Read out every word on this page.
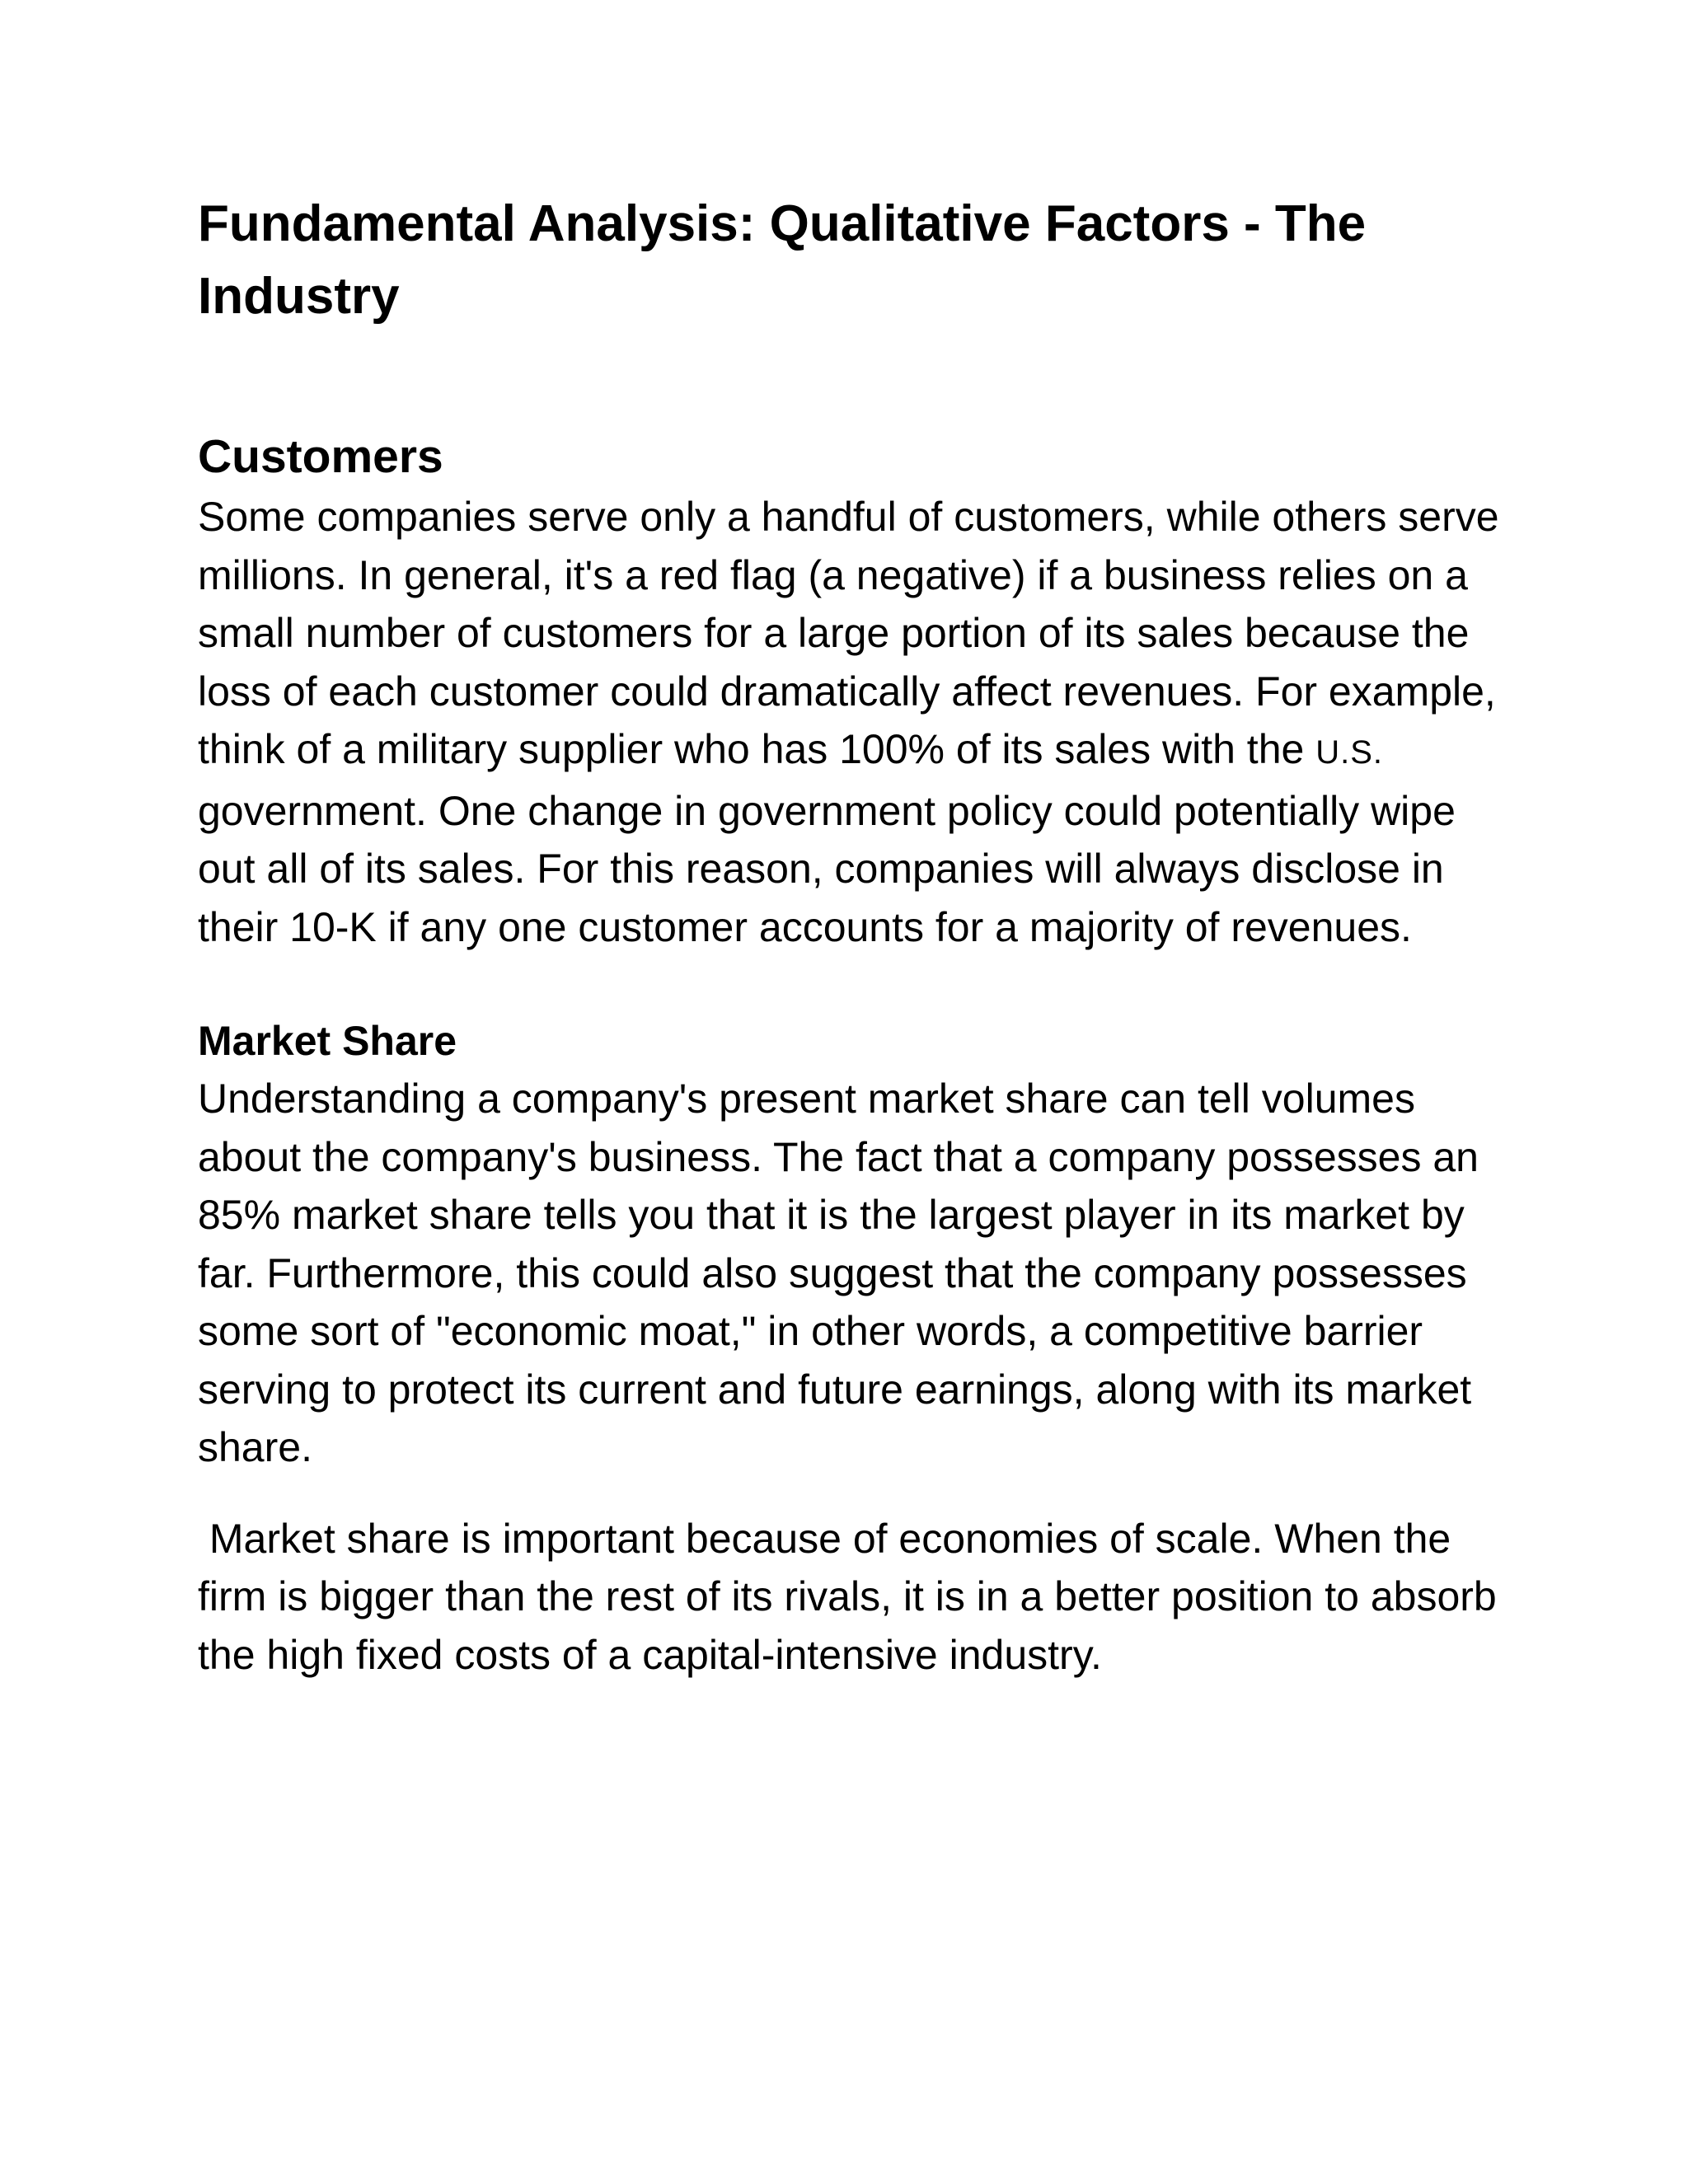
Fundamental Analysis: Qualitative Factors - The Industry
Customers

Some companies serve only a handful of customers, while others serve millions. In general, it's a red flag (a negative) if a business relies on a small number of customers for a large portion of its sales because the loss of each customer could dramatically affect revenues. For example, think of a military supplier who has 100% of its sales with the U.S. government. One change in government policy could potentially wipe out all of its sales. For this reason, companies will always disclose in their 10-K if any one customer accounts for a majority of revenues.

Market Share

Understanding a company's present market share can tell volumes about the company's business. The fact that a company possesses an 85% market share tells you that it is the largest player in its market by far. Furthermore, this could also suggest that the company possesses some sort of "economic moat," in other words, a competitive barrier serving to protect its current and future earnings, along with its market share.

Market share is important because of economies of scale. When the firm is bigger than the rest of its rivals, it is in a better position to absorb the high fixed costs of a capital-intensive industry.
